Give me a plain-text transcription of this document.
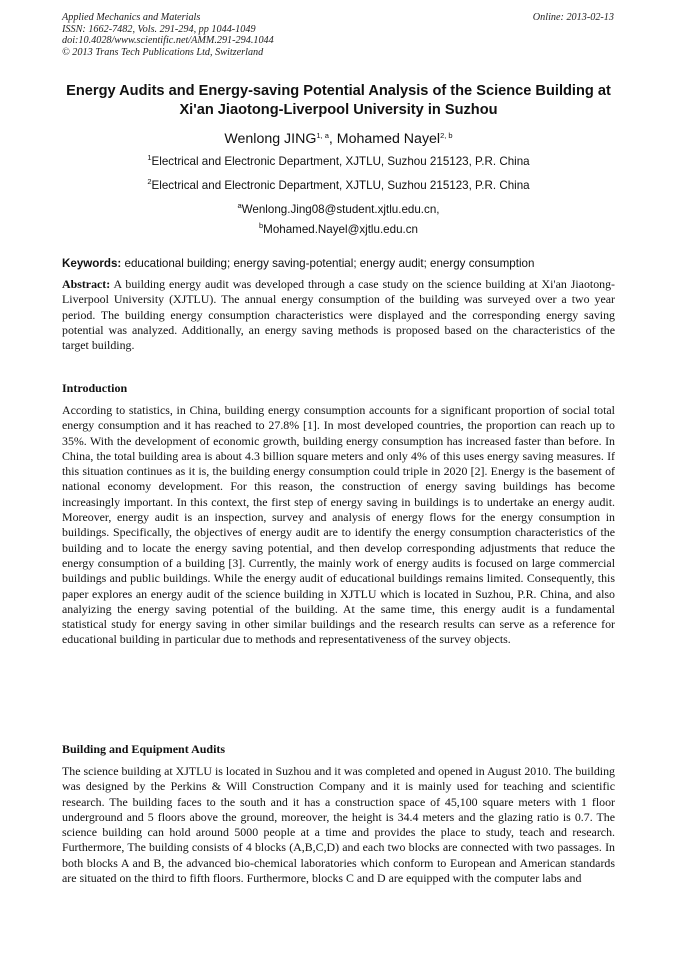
Applied Mechanics and Materials
ISSN: 1662-7482, Vols. 291-294, pp 1044-1049
doi:10.4028/www.scientific.net/AMM.291-294.1044
© 2013 Trans Tech Publications Ltd, Switzerland
Online: 2013-02-13
Energy Audits and Energy-saving Potential Analysis of the Science Building at Xi'an Jiaotong-Liverpool University in Suzhou
Wenlong JING$^{1, a}$, Mohamed Nayel$^{2, b}$
$^1$Electrical and Electronic Department, XJTLU, Suzhou 215123, P.R. China
$^2$Electrical and Electronic Department, XJTLU, Suzhou 215123, P.R. China
$^a$Wenlong.Jing08@student.xjtlu.edu.cn,
$^b$Mohamed.Nayel@xjtlu.edu.cn
Keywords: educational building; energy saving-potential; energy audit; energy consumption

Abstract: A building energy audit was developed through a case study on the science building at Xi'an Jiaotong-Liverpool University (XJTLU). The annual energy consumption of the building was surveyed over a two year period. The building energy consumption characteristics were displayed and the corresponding energy saving potential was analyzed. Additionally, an energy saving methods is proposed based on the characteristics of the target building.

Introduction

According to statistics, in China, building energy consumption accounts for a significant proportion of social total energy consumption and it has reached to 27.8% [1]. In most developed countries, the proportion can reach up to 35%. With the development of economic growth, building energy consumption has increased faster than before. In China, the total building area is about 4.3 billion square meters and only 4% of this uses energy saving measures. If this situation continues as it is, the building energy consumption could triple in 2020 [2]. Energy is the basement of national economy development. For this reason, the construction of energy saving buildings has become increasingly important. In this context, the first step of energy saving in buildings is to undertake an energy audit. Moreover, energy audit is an inspection, survey and analysis of energy flows for the energy consumption in buildings. Specifically, the objectives of energy audit are to identify the energy consumption characteristics of the building and to locate the energy saving potential, and then develop corresponding adjustments that reduce the energy consumption of a building [3]. Currently, the mainly work of energy audits is focused on large commercial buildings and public buildings. While the energy audit of educational buildings remains limited. Consequently, this paper explores an energy audit of the science building in XJTLU which is located in Suzhou, P.R. China, and also analyizing the energy saving potential of the building. At the same time, this energy audit is a fundamental statistical study for energy saving in other similar buildings and the research results can serve as a reference for educational building in particular due to methods and representativeness of the survey objects.

Building and Equipment Audits

The science building at XJTLU is located in Suzhou and it was completed and opened in August 2010. The building was designed by the Perkins & Will Construction Company and it is mainly used for teaching and scientific research. The building faces to the south and it has a construction space of 45,100 square meters with 1 floor underground and 5 floors above the ground, moreover, the height is 34.4 meters and the glazing ratio is 0.7. The science building can hold around 5000 people at a time and provides the place to study, teach and research. Furthermore, The building consists of 4 blocks (A,B,C,D) and each two blocks are connected with two passages. In both blocks A and B, the advanced bio-chemical laboratories which conform to European and American standards are situated on the third to fifth floors. Furthermore, blocks C and D are equipped with the computer labs and
